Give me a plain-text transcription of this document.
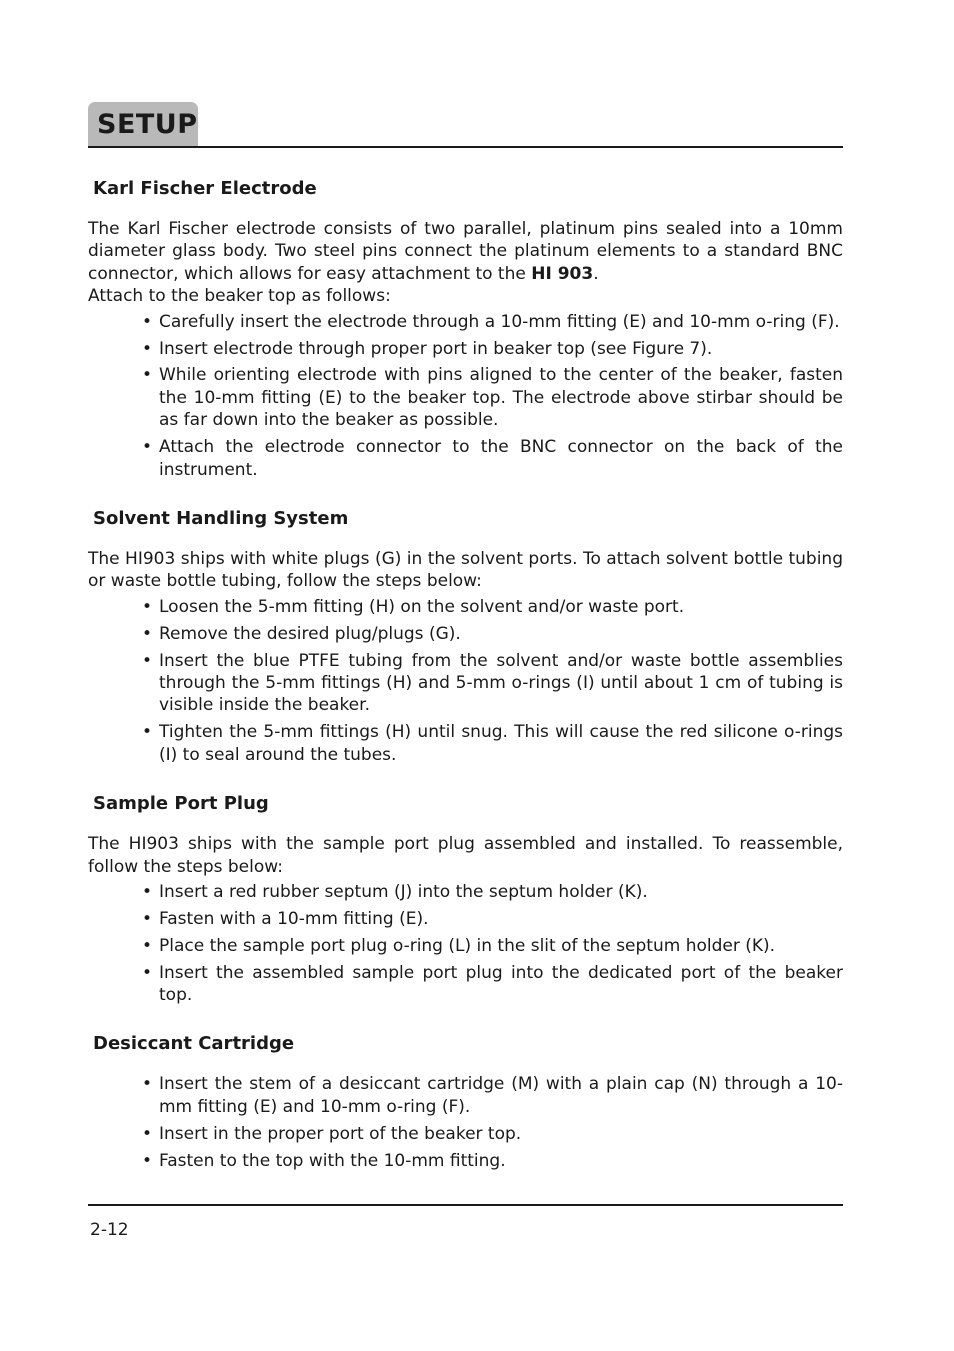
SETUP
Karl Fischer Electrode

The Karl Fischer electrode consists of two parallel, platinum pins sealed into a 10mm diameter glass body. Two steel pins connect the platinum elements to a standard BNC connector, which allows for easy attachment to the HI 903.

Attach to the beaker top as follows:

• Carefully insert the electrode through a 10-mm fitting (E) and 10-mm o-ring (F).
• Insert electrode through proper port in beaker top (see Figure 7).
• While orienting electrode with pins aligned to the center of the beaker, fasten the 10-mm fitting (E) to the beaker top. The electrode above stirbar should be as far down into the beaker as possible.
• Attach the electrode connector to the BNC connector on the back of the instrument.
Solvent Handling System

The HI903 ships with white plugs (G) in the solvent ports. To attach solvent bottle tubing or waste bottle tubing, follow the steps below:

• Loosen the 5-mm fitting (H) on the solvent and/or waste port.
• Remove the desired plug/plugs (G).
• Insert the blue PTFE tubing from the solvent and/or waste bottle assemblies through the 5-mm fittings (H) and 5-mm o-rings (I) until about 1 cm of tubing is visible inside the beaker.
• Tighten the 5-mm fittings (H) until snug. This will cause the red silicone o-rings (I) to seal around the tubes.
Sample Port Plug

The HI903 ships with the sample port plug assembled and installed. To reassemble, follow the steps below:

• Insert a red rubber septum (J) into the septum holder (K).
• Fasten with a 10-mm fitting (E).
• Place the sample port plug o-ring (L) in the slit of the septum holder (K).
• Insert the assembled sample port plug into the dedicated port of the beaker top.
Desiccant Cartridge
• Insert the stem of a desiccant cartridge (M) with a plain cap (N) through a 10-mm fitting (E) and 10-mm o-ring (F).
• Insert in the proper port of the beaker top.
• Fasten to the top with the 10-mm fitting.
2-12
